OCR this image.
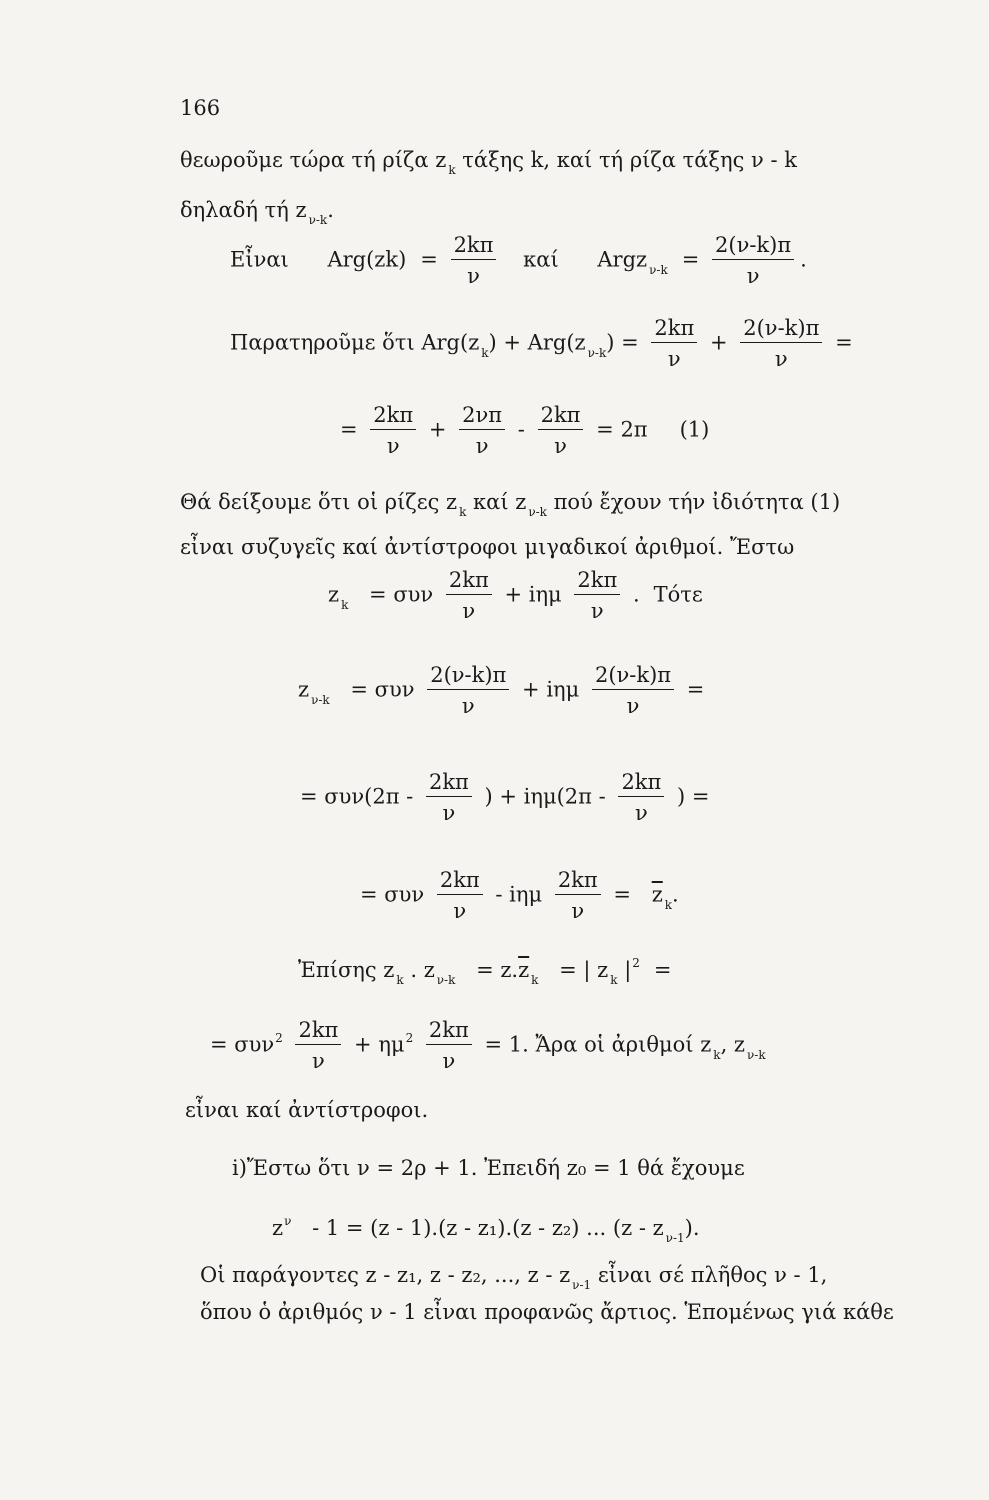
166
θεωροῦμε τώρα τή ρίζα z $_k$ τάξης k, καί τή ρίζα τάξης ν - k
δηλαδή τή z $_{\nu-k}$.
Εἶναι $Arg(zk) = \frac{2k\pi}{\nu}$ καί Argz $_{\nu-k} = \frac{2(\nu-k)\pi}{\nu}$ .
Παρατηροῦμε ὅτι Arg(z $_k$) + Arg(z $_{\nu-k}) = \frac{2k\pi}{\nu} + \frac{2(\nu-k)\pi}{\nu}$ =
= $\frac{2k\pi}{\nu} + \frac{2\nu\pi}{\nu} - \frac{2k\pi}{\nu} = 2\pi$ (1)
Θά δείξουμε ὅτι οἱ ρίζες z $_k$ καί z $_{\nu-k}$ πού ἔχουν τήν ἰδιότητα (1)
εἶναι συζυγεῖς καί ἀντίστροφοι μιγαδικοί ἀριθμοί. Ἔστω
z $_k$ = συν $\frac{2k\pi}{\nu} + i\eta\mu \frac{2k\pi}{\nu}$ . Τότε
z $_{\nu-k}$ = συν $\frac{2(\nu-k)\pi}{\nu} + i\eta\mu \frac{2(\nu-k)\pi}{\nu}$ =
= $\sigma\upsilon\nu(2\pi - \frac{2k\pi}{\nu}$ ) + $i\eta\mu(2\pi - \frac{2k\pi}{\nu}$ ) =
= συν $\frac{2k\pi}{\nu} - i\eta\mu \frac{2k\pi}{\nu} = \overline{z}$ $_k$.
Ἐπίσης z $_k$ . z $_{\nu-k} = z.\overline{z}$ $_k$ = | z $_k$ $|^2$ =
= $\sigma\upsilon\nu^2 \frac{2k\pi}{\nu} + \eta\mu^2 \frac{2k\pi}{\nu} = 1$. Ἄρα οἱ ἀριθμοί z $_k$, z $_{\nu-k}$
εἶναι καί ἀντίστροφοι.
i)Ἔστω ὅτι ν = 2ρ + 1. Ἐπειδή z₀ = 1 θά ἔχουμε
$z^\nu - 1 = (z - 1).(z - z_1).(z - z_2)$ ... (z - z $_{\nu-1}$).
Οἱ παράγοντες z - z₁, z - z₂, ..., z - z $_{\nu-1}$ εἶναι σέ πλῆθος ν - 1,
ὅπου ὁ ἀριθμός ν - 1 εἶναι προφανῶς ἄρτιος. Ἑπομένως γιά κάθε
